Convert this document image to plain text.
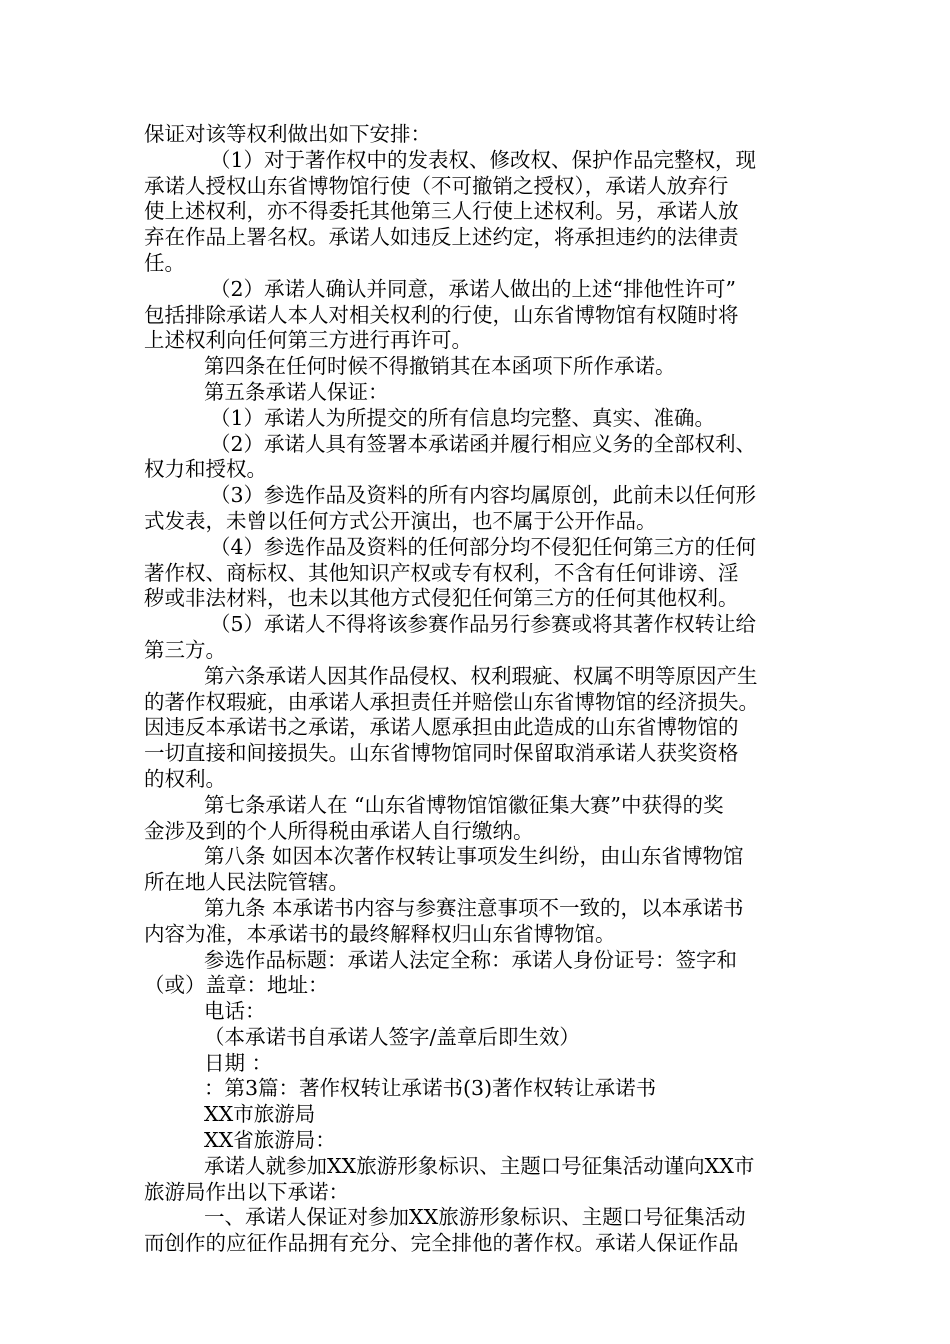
保证对该等权利做出如下安排：
（1）对于著作权中的发表权、修改权、保护作品完整权，现
承诺人授权山东省博物馆行使（不可撤销之授权），承诺人放弃行
使上述权利，亦不得委托其他第三人行使上述权利。另，承诺人放
弃在作品上署名权。承诺人如违反上述约定，将承担违约的法律责
任。
（2）承诺人确认并同意，承诺人做出的上述“排他性许可”
包括排除承诺人本人对相关权利的行使，山东省博物馆有权随时将
上述权利向任何第三方进行再许可。
第四条在任何时候不得撤销其在本函项下所作承诺。
第五条承诺人保证：
（1）承诺人为所提交的所有信息均完整、真实、准确。
（2）承诺人具有签署本承诺函并履行相应义务的全部权利、
权力和授权。
（3）参选作品及资料的所有内容均属原创，此前未以任何形
式发表，未曾以任何方式公开演出，也不属于公开作品。
（4）参选作品及资料的任何部分均不侵犯任何第三方的任何
著作权、商标权、其他知识产权或专有权利，不含有任何诽谤、淫
秽或非法材料，也未以其他方式侵犯任何第三方的任何其他权利。
（5）承诺人不得将该参赛作品另行参赛或将其著作权转让给
第三方。
第六条承诺人因其作品侵权、权利瑕疵、权属不明等原因产生
的著作权瑕疵，由承诺人承担责任并赔偿山东省博物馆的经济损失。
因违反本承诺书之承诺，承诺人愿承担由此造成的山东省博物馆的
一切直接和间接损失。山东省博物馆同时保留取消承诺人获奖资格
的权利。
第七条承诺人在 “山东省博物馆馆徽征集大赛”中获得的奖
金涉及到的个人所得税由承诺人自行缴纳。
第八条 如因本次著作权转让事项发生纠纷，由山东省博物馆
所在地人民法院管辖。
第九条 本承诺书内容与参赛注意事项不一致的，以本承诺书
内容为准，本承诺书的最终解释权归山东省博物馆。
参选作品标题：承诺人法定全称：承诺人身份证号：签字和
（或）盖章：地址：
电话：
（本承诺书自承诺人签字/盖章后即生效）
日期 ：
：第3篇：著作权转让承诺书(3)著作权转让承诺书
XX市旅游局
XX省旅游局：
承诺人就参加XX旅游形象标识、主题口号征集活动谨向XX市
旅游局作出以下承诺：
一、承诺人保证对参加XX旅游形象标识、主题口号征集活动
而创作的应征作品拥有充分、完全排他的著作权。承诺人保证作品
